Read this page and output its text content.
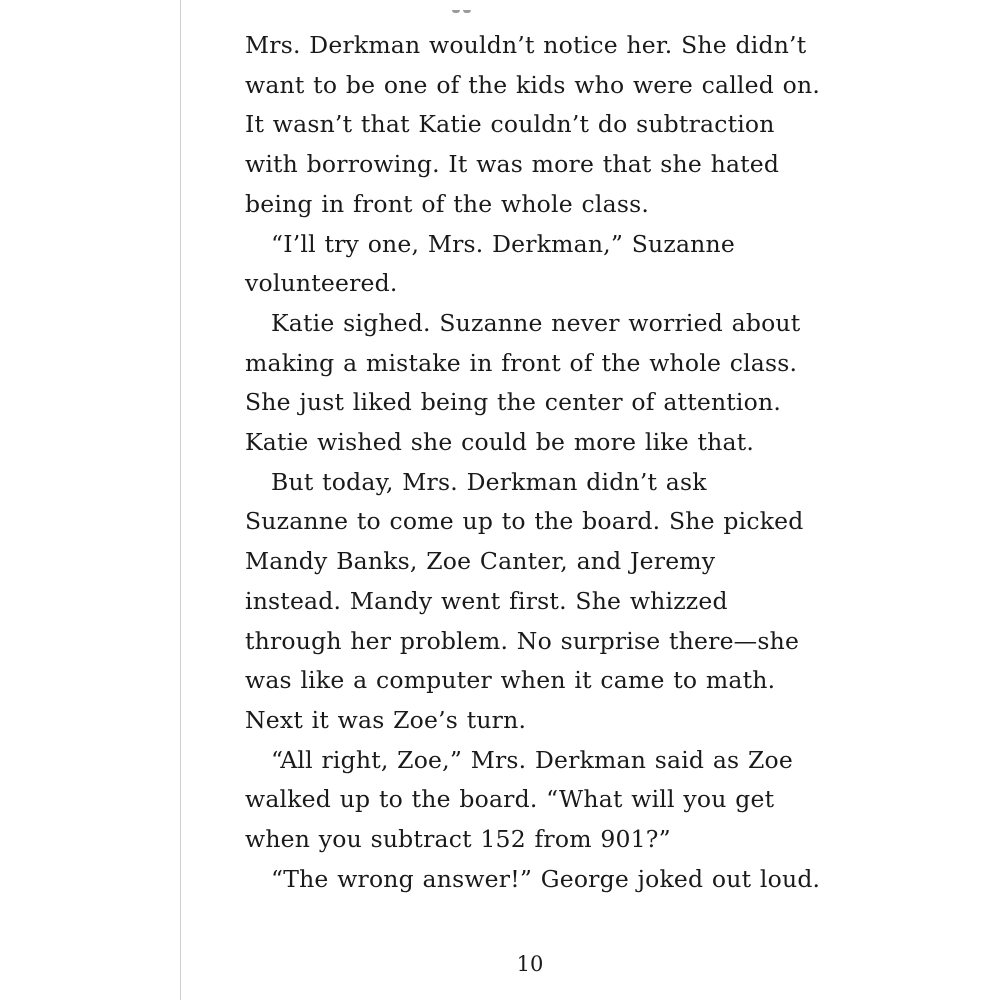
Mrs. Derkman wouldn’t notice her. She didn’t
want to be one of the kids who were called on.
It wasn’t that Katie couldn’t do subtraction
with borrowing. It was more that she hated
being in front of the whole class.
“I’ll try one, Mrs. Derkman,” Suzanne
volunteered.
Katie sighed. Suzanne never worried about
making a mistake in front of the whole class.
She just liked being the center of attention.
Katie wished she could be more like that.
But today, Mrs. Derkman didn’t ask
Suzanne to come up to the board. She picked
Mandy Banks, Zoe Canter, and Jeremy
instead. Mandy went first. She whizzed
through her problem. No surprise there—she
was like a computer when it came to math.
Next it was Zoe’s turn.
“All right, Zoe,” Mrs. Derkman said as Zoe
walked up to the board. “What will you get
when you subtract 152 from 901?”
“The wrong answer!” George joked out loud.
10
